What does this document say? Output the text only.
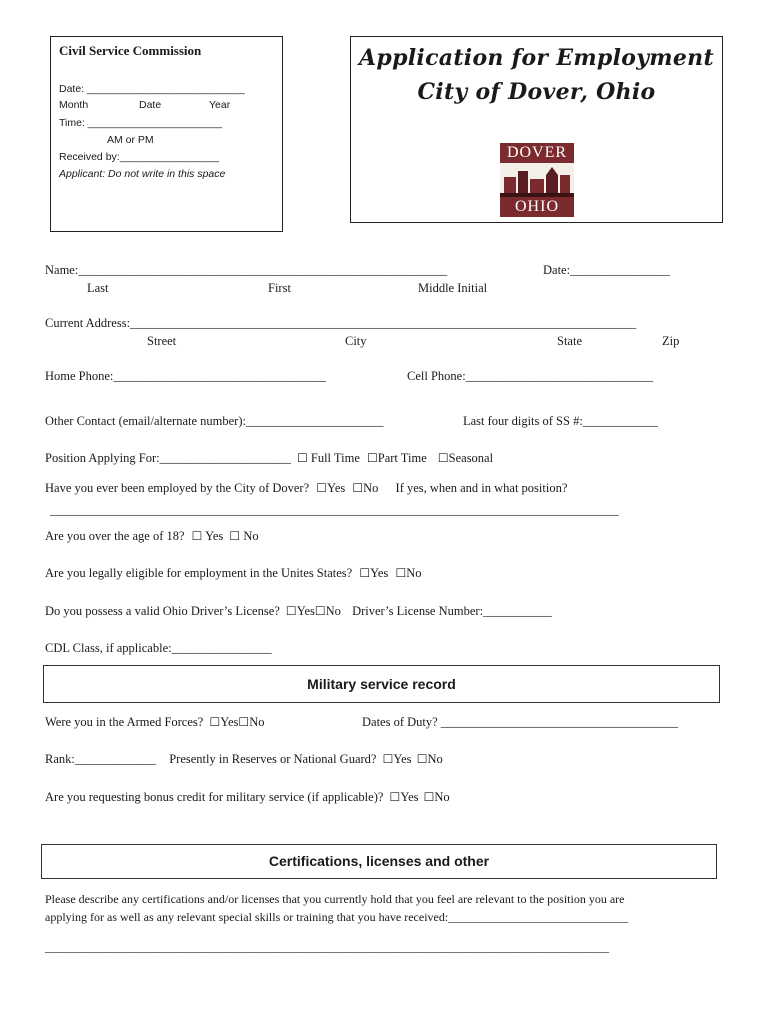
Civil Service Commission
Date: ___________________________
Month	Date	Year
Time: _______________________
AM or PM
Received by:_________________
Applicant: Do not write in this space
Application for Employment
City of Dover, Ohio
DOVER
OHIO
Name:___________________________________________________________	Date:________________
Last	First	Middle Initial
Current Address:_________________________________________________________________________________
Street	City	State	Zip
Home Phone:__________________________________	Cell Phone:______________________________
Other Contact (email/alternate number):______________________	Last four digits of SS #:____________
Position Applying For:_____________________ ☐ Full Time ☐Part Time ☐Seasonal
Have you ever been employed by the City of Dover? ☐Yes ☐No If yes, when and in what position?
___________________________________________________________________________________________
Are you over the age of 18? ☐ Yes ☐ No
Are you legally eligible for employment in the Unites States? ☐Yes ☐No
Do you possess a valid Ohio Driver’s License? ☐Yes☐No Driver’s License Number:___________
CDL Class, if applicable:________________
Military service record
Were you in the Armed Forces? ☐Yes☐No	Dates of Duty? ______________________________________
Rank:_____________ Presently in Reserves or National Guard? ☐Yes ☐No
Are you requesting bonus credit for military service (if applicable)? ☐Yes ☐No
Certifications, licenses and other
Please describe any certifications and/or licenses that you currently hold that you feel are relevant to the position you are
applying for as well as any relevant special skills or training that you have received:______________________________
______________________________________________________________________________________________
